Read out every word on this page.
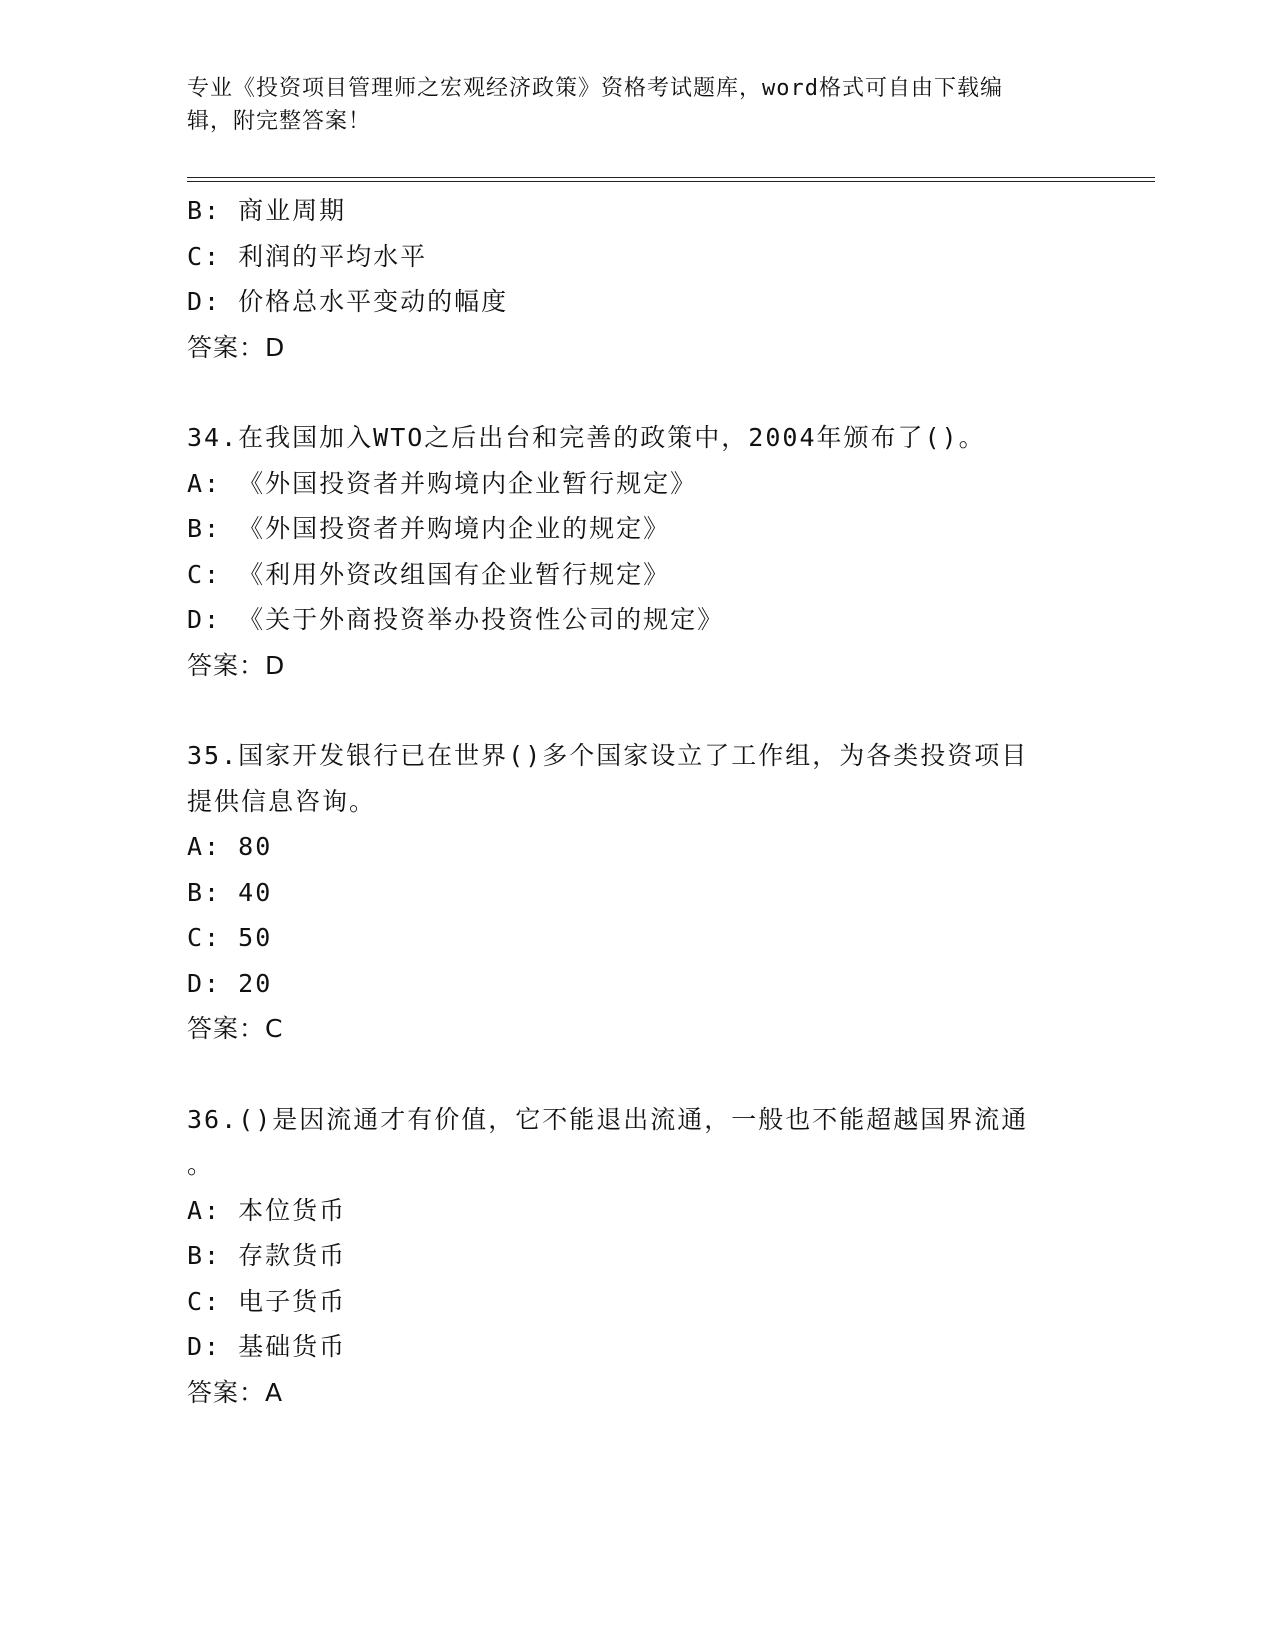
专业《投资项目管理师之宏观经济政策》资格考试题库，word格式可自由下载编
辑，附完整答案！
B: 商业周期
C: 利润的平均水平
D: 价格总水平变动的幅度
答案：D
34.在我国加入WTO之后出台和完善的政策中，2004年颁布了()。
A: 《外国投资者并购境内企业暂行规定》
B: 《外国投资者并购境内企业的规定》
C: 《利用外资改组国有企业暂行规定》
D: 《关于外商投资举办投资性公司的规定》
答案：D
35.国家开发银行已在世界()多个国家设立了工作组，为各类投资项目
提供信息咨询。
A: 80
B: 40
C: 50
D: 20
答案：C
36.()是因流通才有价值，它不能退出流通，一般也不能超越国界流通
。
A: 本位货币
B: 存款货币
C: 电子货币
D: 基础货币
答案：A
